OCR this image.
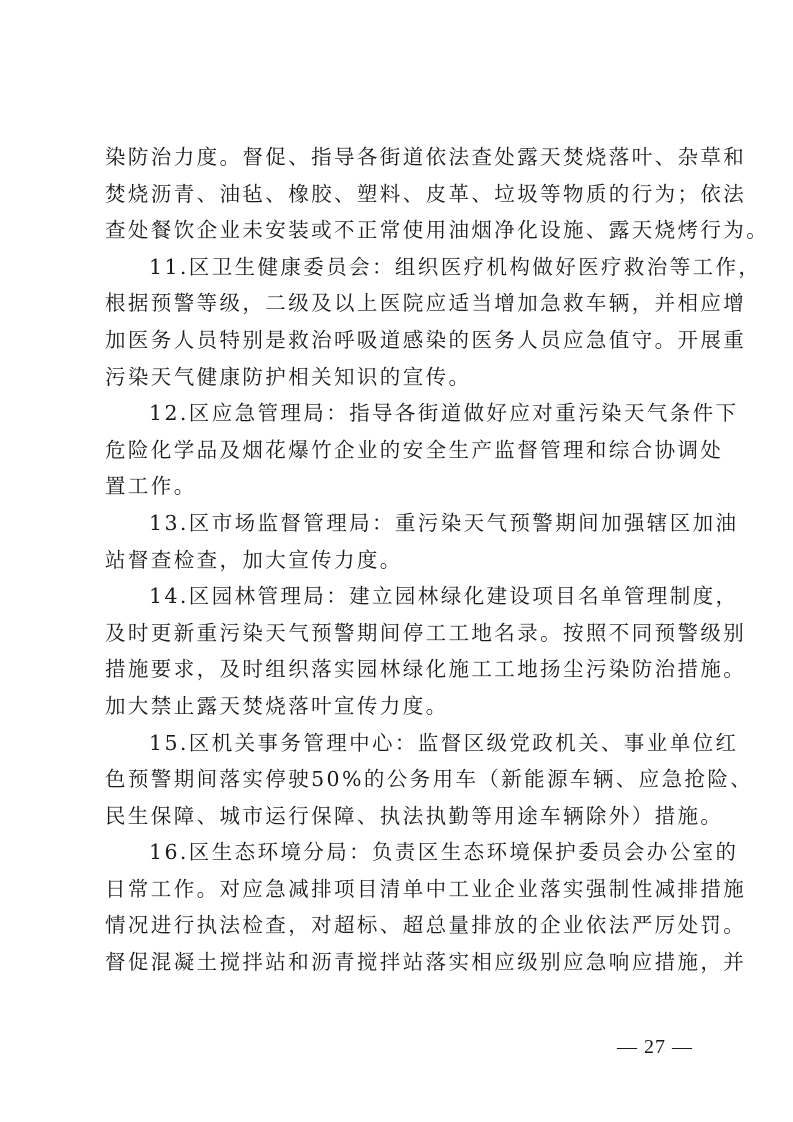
染防治力度。督促、指导各街道依法查处露天焚烧落叶、杂草和
焚烧沥青、油毡、橡胶、塑料、皮革、垃圾等物质的行为；依法
查处餐饮企业未安装或不正常使用油烟净化设施、露天烧烤行为。
11.区卫生健康委员会：组织医疗机构做好医疗救治等工作，
根据预警等级，二级及以上医院应适当增加急救车辆，并相应增
加医务人员特别是救治呼吸道感染的医务人员应急值守。开展重
污染天气健康防护相关知识的宣传。
12.区应急管理局：指导各街道做好应对重污染天气条件下
危险化学品及烟花爆竹企业的安全生产监督管理和综合协调处
置工作。
13.区市场监督管理局：重污染天气预警期间加强辖区加油
站督查检查，加大宣传力度。
14.区园林管理局：建立园林绿化建设项目名单管理制度，
及时更新重污染天气预警期间停工工地名录。按照不同预警级别
措施要求，及时组织落实园林绿化施工工地扬尘污染防治措施。
加大禁止露天焚烧落叶宣传力度。
15.区机关事务管理中心：监督区级党政机关、事业单位红
色预警期间落实停驶50%的公务用车（新能源车辆、应急抢险、
民生保障、城市运行保障、执法执勤等用途车辆除外）措施。
16.区生态环境分局：负责区生态环境保护委员会办公室的
日常工作。对应急减排项目清单中工业企业落实强制性减排措施
情况进行执法检查，对超标、超总量排放的企业依法严厉处罚。
督促混凝土搅拌站和沥青搅拌站落实相应级别应急响应措施，并
— 27 —
